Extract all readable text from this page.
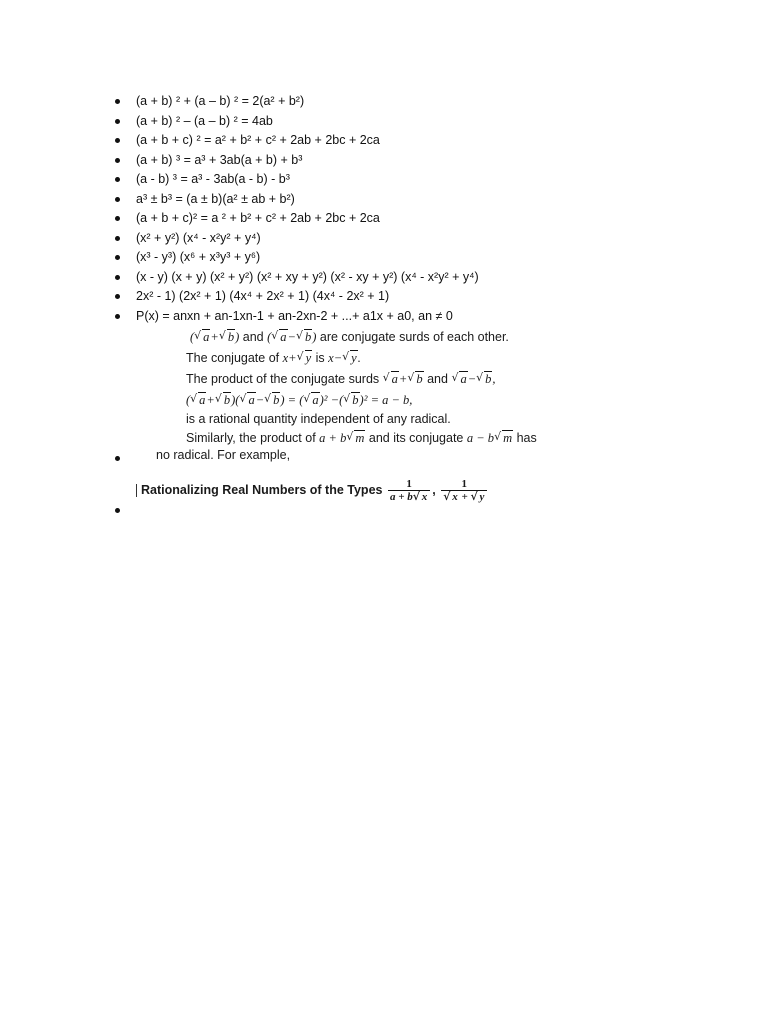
(a + b) ² + (a – b) ² = 2(a² + b²)
(a + b) ² – (a – b) ² = 4ab
(a + b + c) ² = a² + b² + c² + 2ab + 2bc + 2ca
(a + b) ³ = a³ + 3ab(a + b) + b³
(a - b) ³ = a³ - 3ab(a - b) - b³
a³ ± b³ = (a ± b)(a² ± ab + b²)
(a + b + c)² = a ² + b² + c² + 2ab + 2bc + 2ca
(x² + y²) (x⁴ - x²y² + y⁴)
(x³ - y³) (x⁶ + x³y³ + y⁶)
(x - y) (x + y) (x² + y²) (x² + xy + y²) (x² - xy + y²) (x⁴ - x²y² + y⁴)
2x² - 1) (2x² + 1) (4x⁴ + 2x² + 1) (4x⁴ - 2x² + 1)
P(x) = anxn + an-1xn-1 + an-2xn-2 + ...+ a1x + a0, an ≠ 0
( √ a+ √ b) and ( √ a− √ b) are conjugate surds of each other.
The conjugate of x+ √ y is x− √ y.
The product of the conjugate surds √ a+ √ b and √ a− √ b,
( √ a+ √ b)( √ a− √ b) = ( √ a)² −( √ b)² = a − b,
is a rational quantity independent of any radical.
Similarly, the product of a + b √ m and its conjugate a − b √ m has
no radical. For example,
Rationalizing Real Numbers of the Types $\frac{1}{a + b √ x}$ , 1
√ x + √ y
